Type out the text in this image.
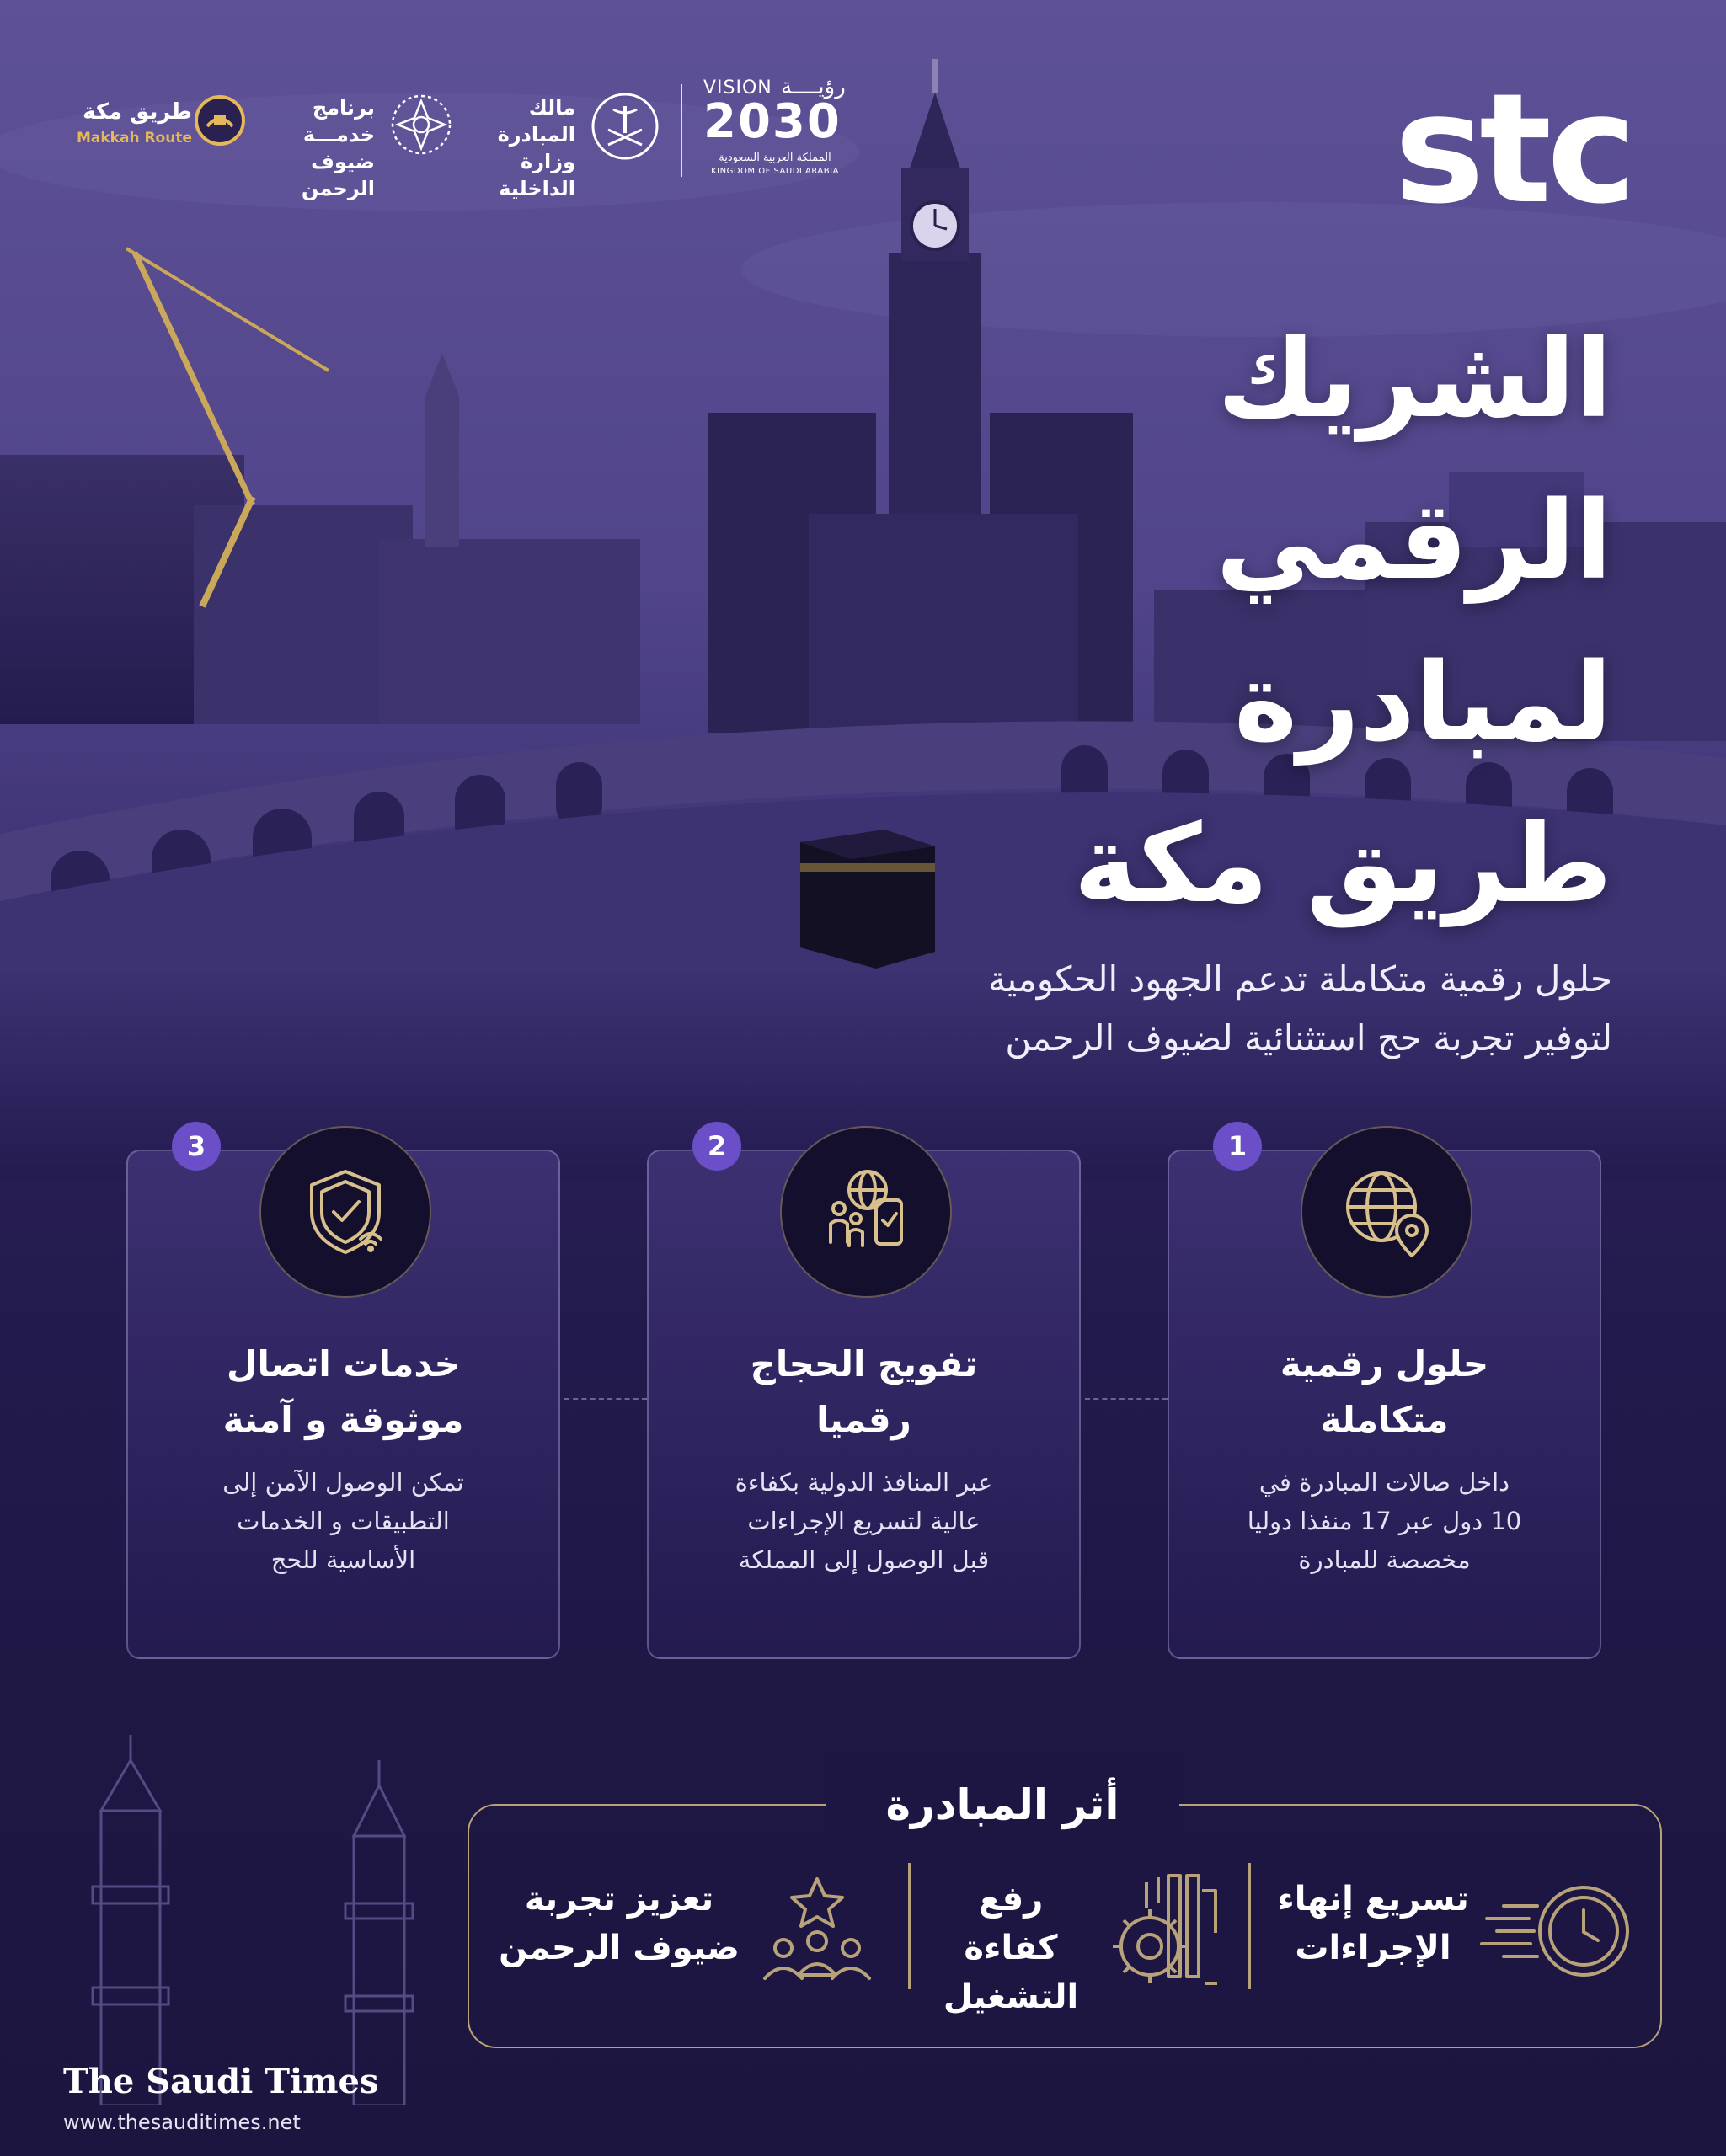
طريق مكة
Makkah Route
برنامج خدمـــة
ضيوف الرحمن
مالك المبادرة
وزارة الداخلية
VISION رؤيــــة
2030
المملكة العربية السعودية
KINGDOM OF SAUDI ARABIA	stc
الشريك
الرقمي
لمبادرة
طريق مكة
حلول رقمية متكاملة تدعم الجهود الحكومية
لتوفير تجربة حج استثنائية لضيوف الرحمن
3
خدمات اتصال
موثوقة و آمنة
تمكن الوصول الآمن إلى
التطبيقات و الخدمات
الأساسية للحج
2
تفويج الحجاج
رقميا
عبر المنافذ الدولية بكفاءة
عالية لتسريع الإجراءات
قبل الوصول إلى المملكة
1
حلول رقمية
متكاملة
داخل صالات المبادرة في
10 دول عبر 17 منفذا دوليا
مخصصة للمبادرة
أثر المبادرة
تعزيز تجربة
ضيوف الرحمن
رفع كفاءة
التشغيل
تسريع إنهاء
الإجراءات
The Saudi Times
www.thesauditimes.net
